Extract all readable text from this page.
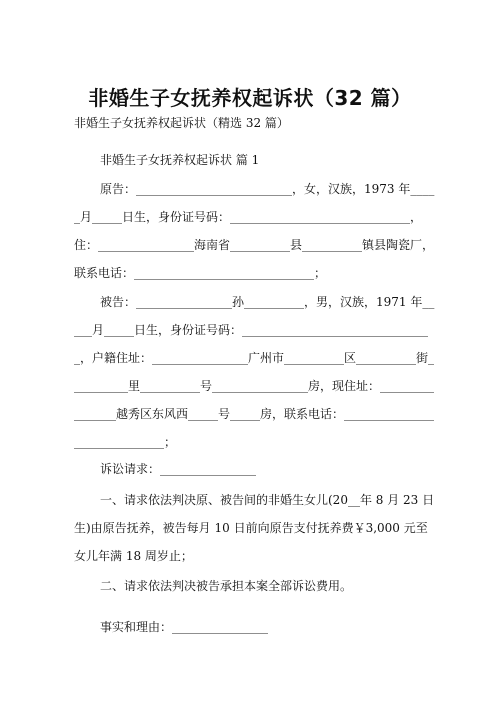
非婚生子女抚养权起诉状（32 篇）
非婚生子女抚养权起诉状（精选 32 篇）
非婚生子女抚养权起诉状 篇 1
原告：__________________________，女，汉族，1973 年_____月_____日生，身份证号码：______________________________，住：________________海南省__________县__________镇县陶瓷厂，联系电话：______________________________；
被告：________________孙__________，男，汉族，1971 年_____月_____日生，身份证号码：________________________________，户籍住址：________________广州市__________区__________街__________里__________号________________房，现住址：________________越秀区东风西_____号_____房，联系电话：______________________________；
诉讼请求：________________
一、请求依法判决原、被告间的非婚生女儿(20__年 8 月 23 日生)由原告抚养，被告每月 10 日前向原告支付抚养费￥3,000 元至女儿年满 18 周岁止；
二、请求依法判决被告承担本案全部诉讼费用。
事实和理由：________________
